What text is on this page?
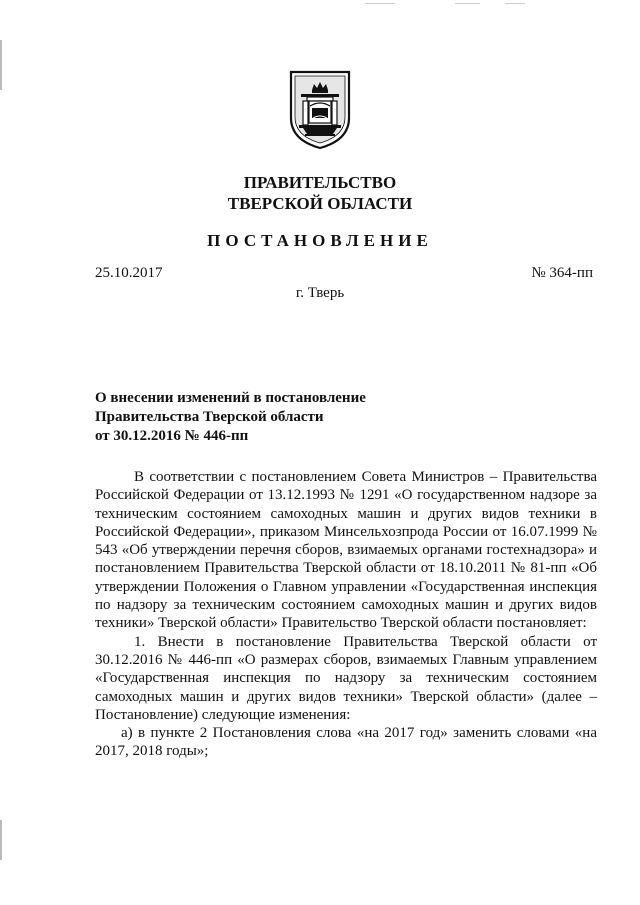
ПРАВИТЕЛЬСТВО
ТВЕРСКОЙ ОБЛАСТИ
ПОСТАНОВЛЕНИЕ
25.10.2017	№ 364-пп
г. Тверь
О внесении изменений в постановление
Правительства Тверской области
от 30.12.2016 № 446-пп

В соответствии с постановлением Совета Министров – Правительства Российской Федерации от 13.12.1993 № 1291 «О государственном надзоре за техническим состоянием самоходных машин и других видов техники в Российской Федерации», приказом Минсельхозпрода России от 16.07.1999 № 543 «Об утверждении перечня сборов, взимаемых органами гостехнадзора» и постановлением Правительства Тверской области от 18.10.2011 № 81-пп «Об утверждении Положения о Главном управлении «Государственная инспекция по надзору за техническим состоянием самоходных машин и других видов техники» Тверской области» Правительство Тверской области постановляет:

1. Внести в постановление Правительства Тверской области от 30.12.2016 № 446-пп «О размерах сборов, взимаемых Главным управлением «Государственная инспекция по надзору за техническим состоянием самоходных машин и других видов техники» Тверской области» (далее – Постановление) следующие изменения:

а) в пункте 2 Постановления слова «на 2017 год» заменить словами «на 2017, 2018 годы»;
